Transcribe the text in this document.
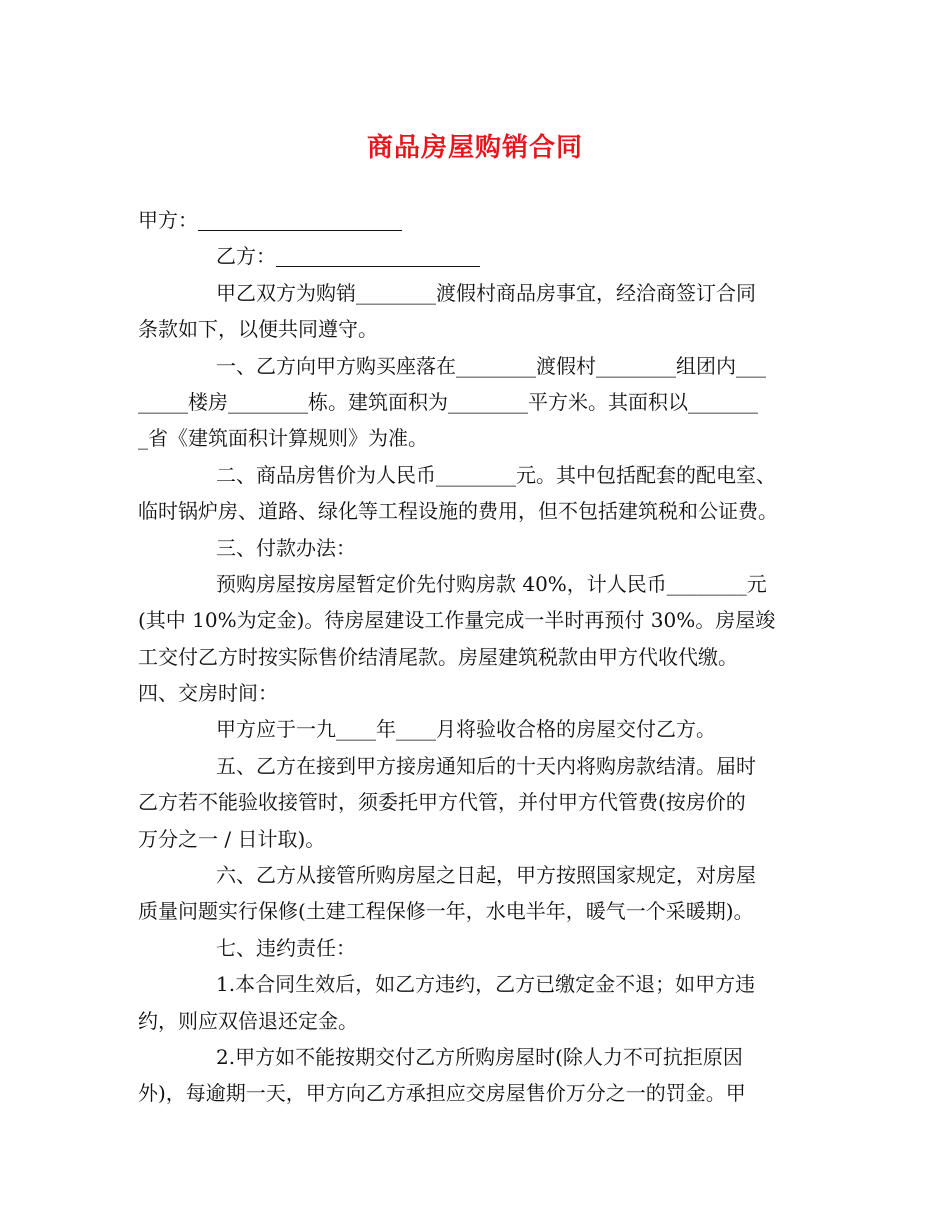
商品房屋购销合同
甲方：
乙方：
甲乙双方为购销________渡假村商品房事宜，经洽商签订合同
条款如下，以便共同遵守。
一、乙方向甲方购买座落在________渡假村________组团内___
_____楼房________栋。建筑面积为________平方米。其面积以_______
_省《建筑面积计算规则》为准。
二、商品房售价为人民币________元。其中包括配套的配电室、
临时锅炉房、道路、绿化等工程设施的费用，但不包括建筑税和公证费。
三、付款办法：
预购房屋按房屋暂定价先付购房款 40%，计人民币________元
(其中 10%为定金)。待房屋建设工作量完成一半时再预付 30%。房屋竣
工交付乙方时按实际售价结清尾款。房屋建筑税款由甲方代收代缴。
四、交房时间：
甲方应于一九____年____月将验收合格的房屋交付乙方。
五、乙方在接到甲方接房通知后的十天内将购房款结清。届时
乙方若不能验收接管时，须委托甲方代管，并付甲方代管费(按房价的
万分之一 / 日计取)。
六、乙方从接管所购房屋之日起，甲方按照国家规定，对房屋
质量问题实行保修(土建工程保修一年，水电半年，暖气一个采暖期)。
七、违约责任：
1.本合同生效后，如乙方违约，乙方已缴定金不退；如甲方违
约，则应双倍退还定金。
2.甲方如不能按期交付乙方所购房屋时(除人力不可抗拒原因
外)，每逾期一天，甲方向乙方承担应交房屋售价万分之一的罚金。甲
